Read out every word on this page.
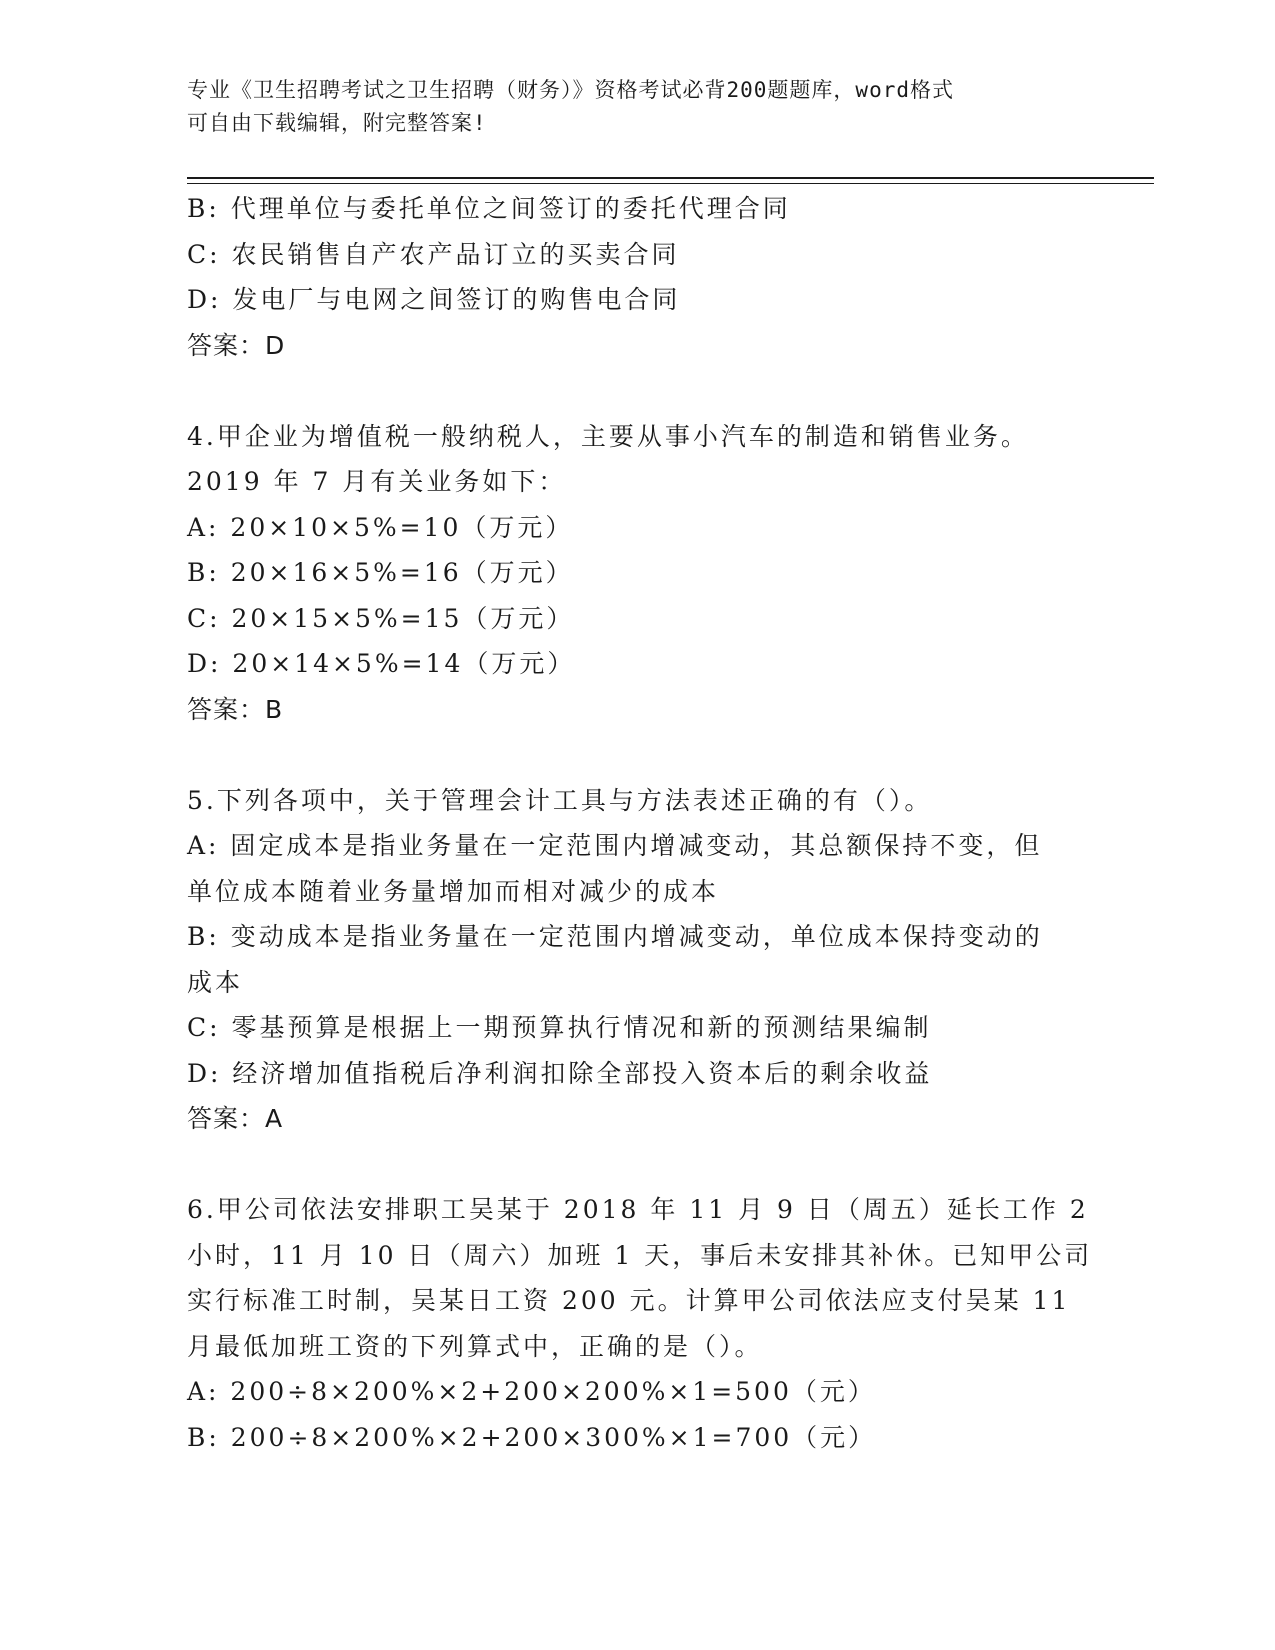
专业《卫生招聘考试之卫生招聘（财务）》资格考试必背200题题库，word格式
可自由下载编辑，附完整答案!
B: 代理单位与委托单位之间签订的委托代理合同
C: 农民销售自产农产品订立的买卖合同
D: 发电厂与电网之间签订的购售电合同
答案：D
4.甲企业为增值税一般纳税人，主要从事小汽车的制造和销售业务。
2019 年 7 月有关业务如下：
A: 20×10×5%=10（万元）
B: 20×16×5%=16（万元）
C: 20×15×5%=15（万元）
D: 20×14×5%=14（万元）
答案：B
5.下列各项中，关于管理会计工具与方法表述正确的有（）。
A: 固定成本是指业务量在一定范围内增减变动，其总额保持不变，但
单位成本随着业务量增加而相对减少的成本
B: 变动成本是指业务量在一定范围内增减变动，单位成本保持变动的
成本
C: 零基预算是根据上一期预算执行情况和新的预测结果编制
D: 经济增加值指税后净利润扣除全部投入资本后的剩余收益
答案：A
6.甲公司依法安排职工吴某于 2018 年 11 月 9 日（周五）延长工作 2
小时，11 月 10 日（周六）加班 1 天，事后未安排其补休。已知甲公司
实行标准工时制，吴某日工资 200 元。计算甲公司依法应支付吴某 11
月最低加班工资的下列算式中，正确的是（）。
A: 200÷8×200%×2+200×200%×1=500（元）
B: 200÷8×200%×2+200×300%×1=700（元）
